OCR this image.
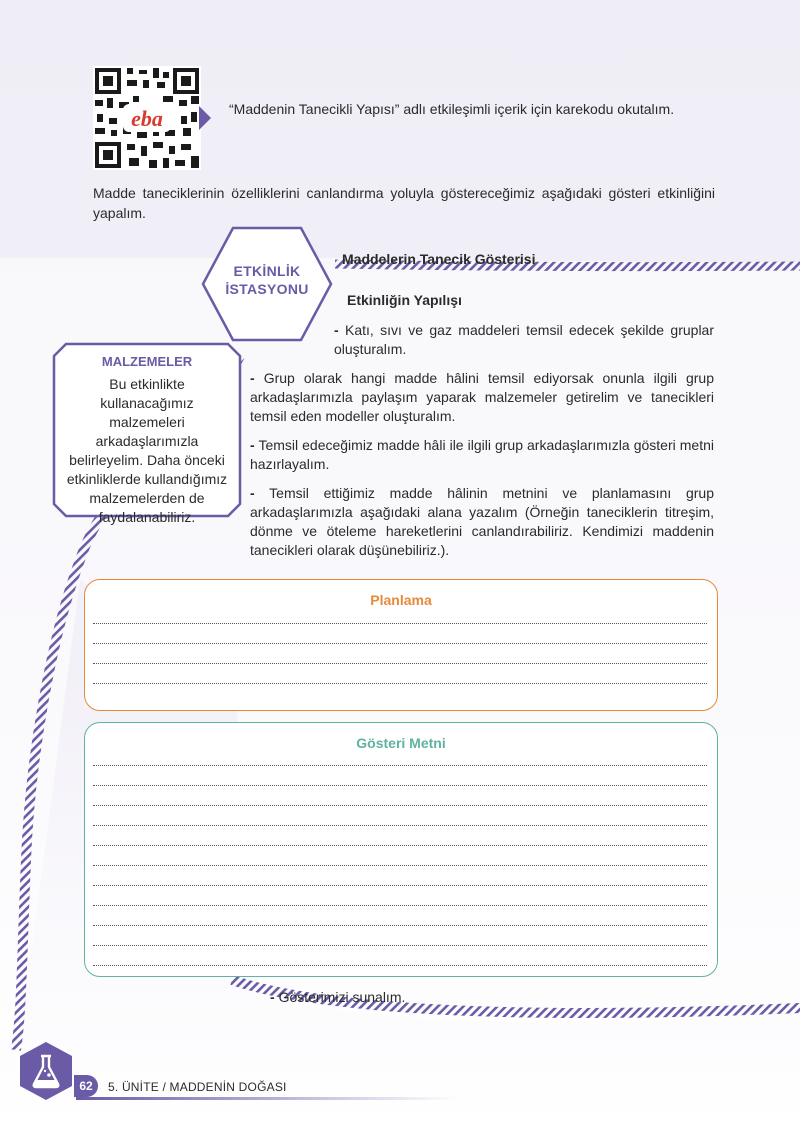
eba	“Maddenin Tanecikli Yapısı” adlı etkileşimli içerik için karekodu okutalım.
Madde taneciklerinin özelliklerini canlandırma yoluyla göstereceğimiz aşağıdaki gösteri etkinliğini yapalım.
ETKİNLİK
İSTASYONU
Maddelerin Tanecik Gösterisi
Etkinliğin Yapılışı
- Katı, sıvı ve gaz maddeleri temsil edecek şekilde gruplar oluşturalım.
- Grup olarak hangi madde hâlini temsil ediyorsak onunla ilgili grup arkadaşlarımızla paylaşım yaparak malzemeler getirelim ve tanecikleri temsil eden modeller oluşturalım.
- Temsil edeceğimiz madde hâli ile ilgili grup arkadaşlarımızla gösteri metni hazırlayalım.
- Temsil ettiğimiz madde hâlinin metnini ve planlamasını grup arkadaşlarımızla aşağıdaki alana yazalım (Örneğin taneciklerin titreşim, dönme ve öteleme hareketlerini canlandırabiliriz. Kendimizi maddenin tanecikleri olarak düşünebiliriz.).
MALZEMELER
Bu etkinlikte kullanacağımız malzemeleri arkadaşlarımızla belirleyelim. Daha önceki etkinliklerde kullandığımız malzemelerden de faydalanabiliriz.
Planlama
Gösteri Metni
- Gösterimizi sunalım.
62	5. ÜNİTE / MADDENİN DOĞASI
